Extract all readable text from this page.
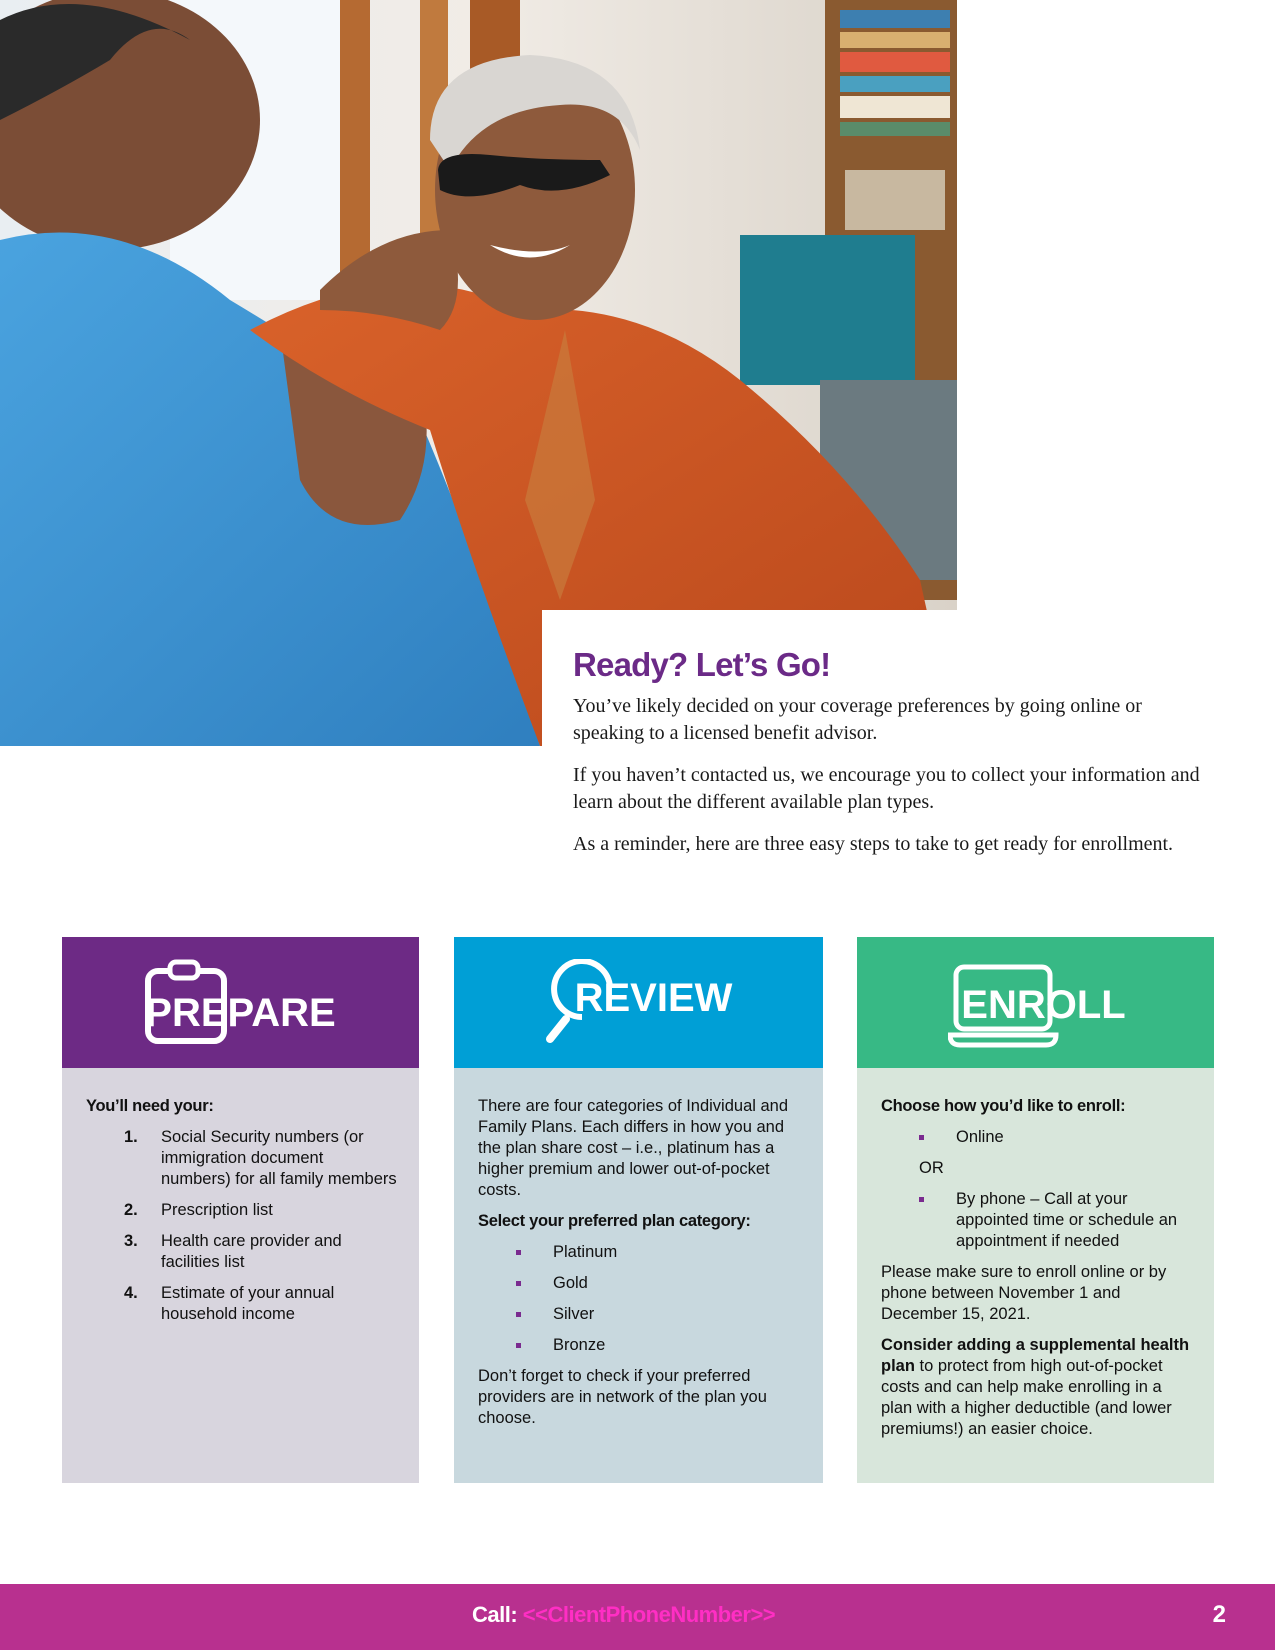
Ready? Let’s Go!

You’ve likely decided on your coverage preferences by going online or speaking to a licensed benefit advisor.

If you haven’t contacted us, we encourage you to collect your information and learn about the different available plan types.

As a reminder, here are three easy steps to take to get ready for enrollment.

PREPARE
You’ll need your:
1. Social Security numbers (or immigration document numbers) for all family members
2. Prescription list
3. Health care provider and facilities list
4. Estimate of your annual household income
REVIEW
There are four categories of Individual and Family Plans. Each differs in how you and the plan share cost – i.e., platinum has a higher premium and lower out-of-pocket costs.
Select your preferred plan category:
Platinum
Gold
Silver
Bronze
Don’t forget to check if your preferred providers are in network of the plan you choose.
ENROLL
Choose how you’d like to enroll:
Online
OR
By phone – Call at your appointed time or schedule an appointment if needed
Please make sure to enroll online or by phone between November 1 and December 15, 2021.
Consider adding a supplemental health plan to protect from high out-of-pocket costs and can help make enrolling in a plan with a higher deductible (and lower premiums!) an easier choice.
Call: <<ClientPhoneNumber>>	2
